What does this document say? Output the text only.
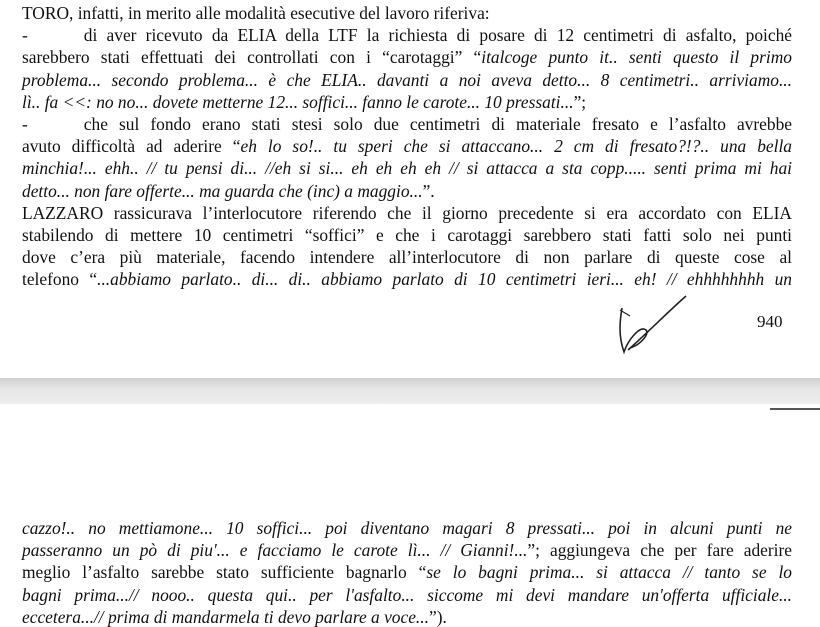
940
TORO, infatti, in merito alle modalità esecutive del lavoro riferiva:
-	di aver ricevuto da ELIA della LTF la richiesta di posare di 12 centimetri di asfalto, poiché
sarebbero stati effettuati dei controllati con i “carotaggi” “italcoge punto it.. senti questo il primo
problema... secondo problema... è che ELIA.. davanti a noi aveva detto... 8 centimetri.. arriviamo...
lì.. fa <<: no no... dovete metterne 12... soffici... fanno le carote... 10 pressati...”;
-	che sul fondo erano stati stesi solo due centimetri di materiale fresato e l’asfalto avrebbe
avuto difficoltà ad aderire “eh lo so!.. tu speri che si attaccano... 2 cm di fresato?!?.. una bella
minchia!... ehh.. // tu pensi di... //eh si si... eh eh eh eh // si attacca a sta copp..... senti prima mi hai
detto... non fare offerte... ma guarda che (inc) a maggio...”.
LAZZARO rassicurava l’interlocutore riferendo che il giorno precedente si era accordato con ELIA
stabilendo di mettere 10 centimetri “soffici” e che i carotaggi sarebbero stati fatti solo nei punti
dove c’era più materiale, facendo intendere all’interlocutore di non parlare di queste cose al
telefono “...abbiamo parlato.. di... di.. abbiamo parlato di 10 centimetri ieri... eh! // ehhhhhhhh un
cazzo!.. no mettiamone... 10 soffici... poi diventano magari 8 pressati... poi in alcuni punti ne
passeranno un pò di piu'... e facciamo le carote lì... // Gianni!...”; aggiungeva che per fare aderire
meglio l’asfalto sarebbe stato sufficiente bagnarlo “se lo bagni prima... si attacca // tanto se lo
bagni prima...// nooo.. questa qui.. per l'asfalto... siccome mi devi mandare un'offerta ufficiale...
eccetera...// prima di mandarmela ti devo parlare a voce...”).
